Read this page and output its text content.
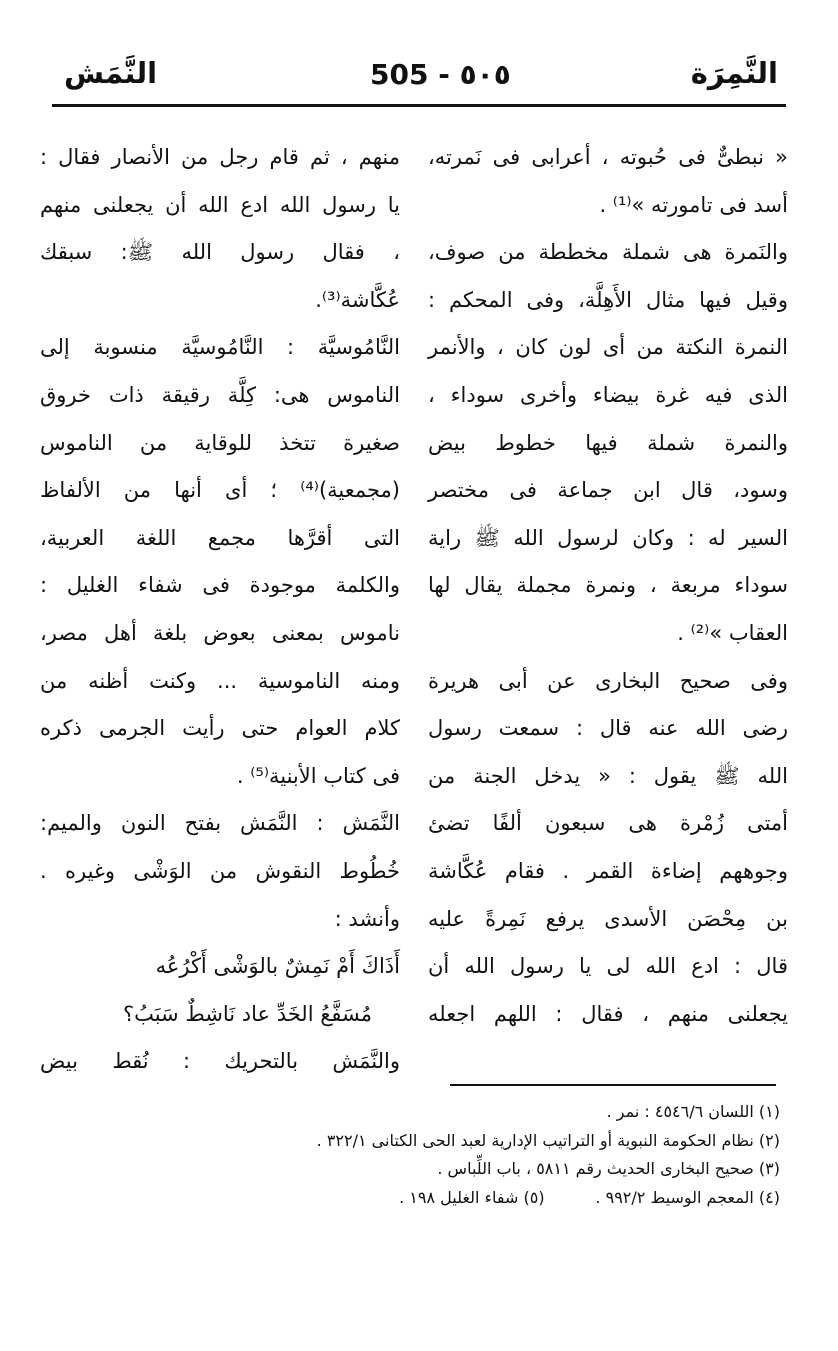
النَّمِرَة
505 - ٥٠٥
النَّمَش
« نبطىٌّ فى حُبوته ، أعرابى فى نَمرته،
أسد فى تامورته »⁽¹⁾ .
والنَمرة هى شملة مخططة من صوف،
وقيل فيها مثال الأَهِلَّة، وفى المحكم :
النمرة النكتة من أى لون كان ، والأنمر
الذى فيه غرة بيضاء وأخرى سوداء ،
والنمرة شملة فيها خطوط بيض
وسود، قال ابن جماعة فى مختصر
السير له : وكان لرسول الله ﷺ راية
سوداء مربعة ، ونمرة مجملة يقال لها
العقاب »⁽²⁾ .
وفى صحيح البخارى عن أبى هريرة
رضى الله عنه قال : سمعت رسول
الله ﷺ يقول : « يدخل الجنة من
أمتى زُمْرة هى سبعون ألفًا تضئ
وجوههم إضاءة القمر . فقام عُكَّاشة
بن مِحْصَن الأسدى يرفع نَمِرةً عليه
قال : ادع الله لى يا رسول الله أن
يجعلنى منهم ، فقال : اللهم اجعله
منهم ، ثم قام رجل من الأنصار فقال :
يا رسول الله ادع الله أن يجعلنى منهم
، فقال رسول الله ﷺ: سبقك
عُكَّاشة⁽³⁾.
النَّامُوسيَّة : النَّامُوسيَّة منسوبة إلى
الناموس هى: كِلَّة رقيقة ذات خروق
صغيرة تتخذ للوقاية من الناموس
(مجمعية)⁽⁴⁾ ؛ أى أنها من الألفاظ
التى أقرَّها مجمع اللغة العربية،
والكلمة موجودة فى شفاء الغليل :
ناموس بمعنى بعوض بلغة أهل مصر،
ومنه الناموسية ... وكنت أظنه من
كلام العوام حتى رأيت الجرمى ذكره
فى كتاب الأبنية⁽⁵⁾ .
النَّمَش : النَّمَش بفتح النون والميم:
خُطُوط النقوش من الوَشْى وغيره .
وأنشد :
أَذَاكَ أَمْ نَمِشٌ بالوَشْى أَكْرُعُه
مُسَفَّعُ الخَدِّ عاد نَاشِطٌ سَبَبُ؟
والنَّمَش بالتحريك : نُقط بيض
(١) اللسان ٤٥٤٦/٦ : نمر .
(٢) نظام الحكومة النبوية أو التراتيب الإدارية لعبد الحى الكتانى ٣٢٢/١ .
(٣) صحيح البخارى الحديث رقم ٥٨١١ ، باب اللِّباس .
(٤) المعجم الوسيط ٩٩٢/٢ .          (٥) شفاء الغليل ١٩٨ .
